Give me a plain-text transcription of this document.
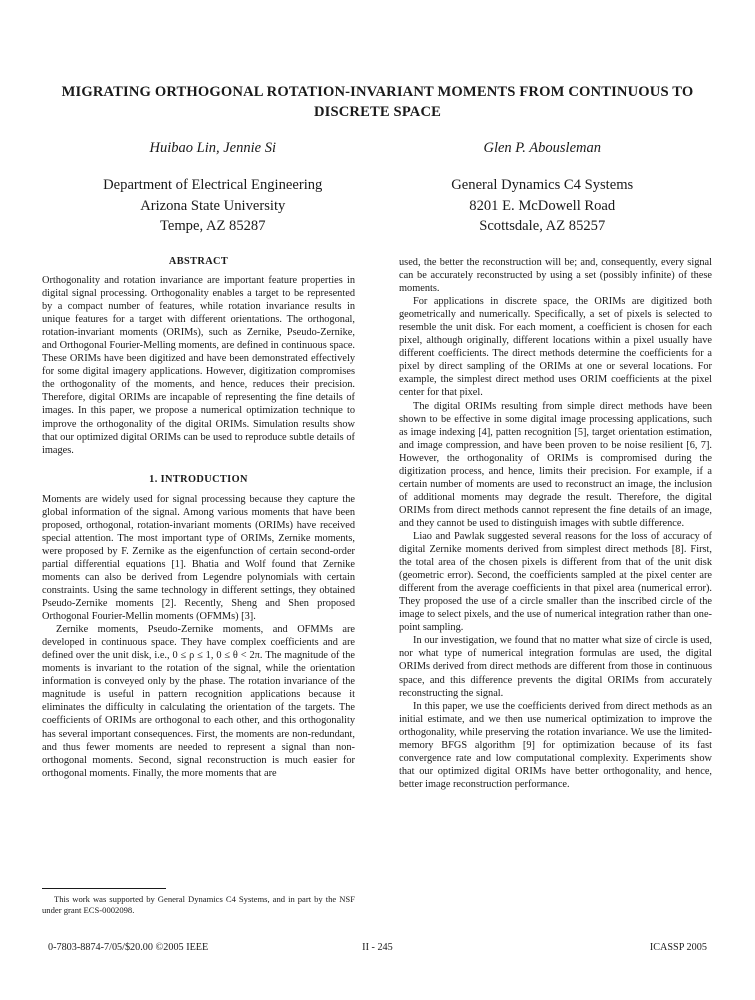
MIGRATING ORTHOGONAL ROTATION-INVARIANT MOMENTS FROM CONTINUOUS TO DISCRETE SPACE
Huibao Lin, Jennie Si	Glen P. Abousleman
Department of Electrical Engineering
Arizona State University
Tempe, AZ 85287
General Dynamics C4 Systems
8201 E. McDowell Road
Scottsdale, AZ 85257
ABSTRACT

Orthogonality and rotation invariance are important feature properties in digital signal processing. Orthogonality enables a target to be represented by a compact number of features, while rotation invariance results in unique features for a target with different orientations. The orthogonal, rotation-invariant moments (ORIMs), such as Zernike, Pseudo-Zernike, and Orthogonal Fourier-Melling moments, are defined in continuous space. These ORIMs have been digitized and have been demonstrated effectively for some digital imagery applications. However, digitization compromises the orthogonality of the moments, and hence, reduces their precision. Therefore, digital ORIMs are incapable of representing the fine details of images. In this paper, we propose a numerical optimization technique to improve the orthogonality of the digital ORIMs. Simulation results show that our optimized digital ORIMs can be used to reproduce subtle details of images.

1. INTRODUCTION

Moments are widely used for signal processing because they capture the global information of the signal. Among various moments that have been proposed, orthogonal, rotation-invariant moments (ORIMs) have received special attention. The most important type of ORIMs, Zernike moments, were proposed by F. Zernike as the eigenfunction of certain second-order partial differential equations [1]. Bhatia and Wolf found that Zernike moments can also be derived from Legendre polynomials with certain constraints. Using the same technology in different settings, they obtained Pseudo-Zernike moments [2]. Recently, Sheng and Shen proposed Orthogonal Fourier-Mellin moments (OFMMs) [3].

Zernike moments, Pseudo-Zernike moments, and OFMMs are developed in continuous space. They have complex coefficients and are defined over the unit disk, i.e., 0 ≤ ρ ≤ 1, 0 ≤ θ < 2π. The magnitude of the moments is invariant to the rotation of the signal, while the orientation information is conveyed only by the phase. The rotation invariance of the magnitude is useful in pattern recognition applications because it eliminates the difficulty in calculating the orientation of the targets. The coefficients of ORIMs are orthogonal to each other, and this orthogonality has several important consequences. First, the moments are non-redundant, and thus fewer moments are needed to represent a signal than non-orthogonal moments. Second, signal reconstruction is much easier for orthogonal moments. Finally, the more moments that are

This work was supported by General Dynamics C4 Systems, and in part by the NSF under grant ECS-0002098.

used, the better the reconstruction will be; and, consequently, every signal can be accurately reconstructed by using a set (possibly infinite) of these moments.

For applications in discrete space, the ORIMs are digitized both geometrically and numerically. Specifically, a set of pixels is selected to resemble the unit disk. For each moment, a coefficient is chosen for each pixel, although originally, different locations within a pixel usually have different coefficients. The direct methods determine the coefficients for a pixel by direct sampling of the ORIMs at one or several locations. For example, the simplest direct method uses ORIM coefficients at the pixel center for that pixel.

The digital ORIMs resulting from simple direct methods have been shown to be effective in some digital image processing applications, such as image indexing [4], patten recognition [5], target orientation estimation, and image compression, and have been proven to be noise resilient [6, 7]. However, the orthogonality of ORIMs is compromised during the digitization process, and hence, limits their precision. For example, if a certain number of moments are used to reconstruct an image, the inclusion of additional moments may degrade the result. Therefore, the digital ORIMs from direct methods cannot represent the fine details of an image, and they cannot be used to distinguish images with subtle difference.

Liao and Pawlak suggested several reasons for the loss of accuracy of digital Zernike moments derived from simplest direct methods [8]. First, the total area of the chosen pixels is different from that of the unit disk (geometric error). Second, the coefficients sampled at the pixel center are different from the average coefficients in that pixel area (numerical error). They proposed the use of a circle smaller than the inscribed circle of the image to select pixels, and the use of numerical integration rather than one-point sampling.

In our investigation, we found that no matter what size of circle is used, nor what type of numerical integration formulas are used, the digital ORIMs derived from direct methods are different from those in continuous space, and this difference prevents the digital ORIMs from accurately reconstructing the signal.

In this paper, we use the coefficients derived from direct methods as an initial estimate, and we then use numerical optimization to improve the orthogonality, while preserving the rotation invariance. We use the limited-memory BFGS algorithm [9] for optimization because of its fast convergence rate and low computational complexity. Experiments show that our optimized digital ORIMs have better orthogonality, and hence, better image reconstruction performance.

0-7803-8874-7/05/$20.00 ©2005 IEEE	II - 245	ICASSP 2005
